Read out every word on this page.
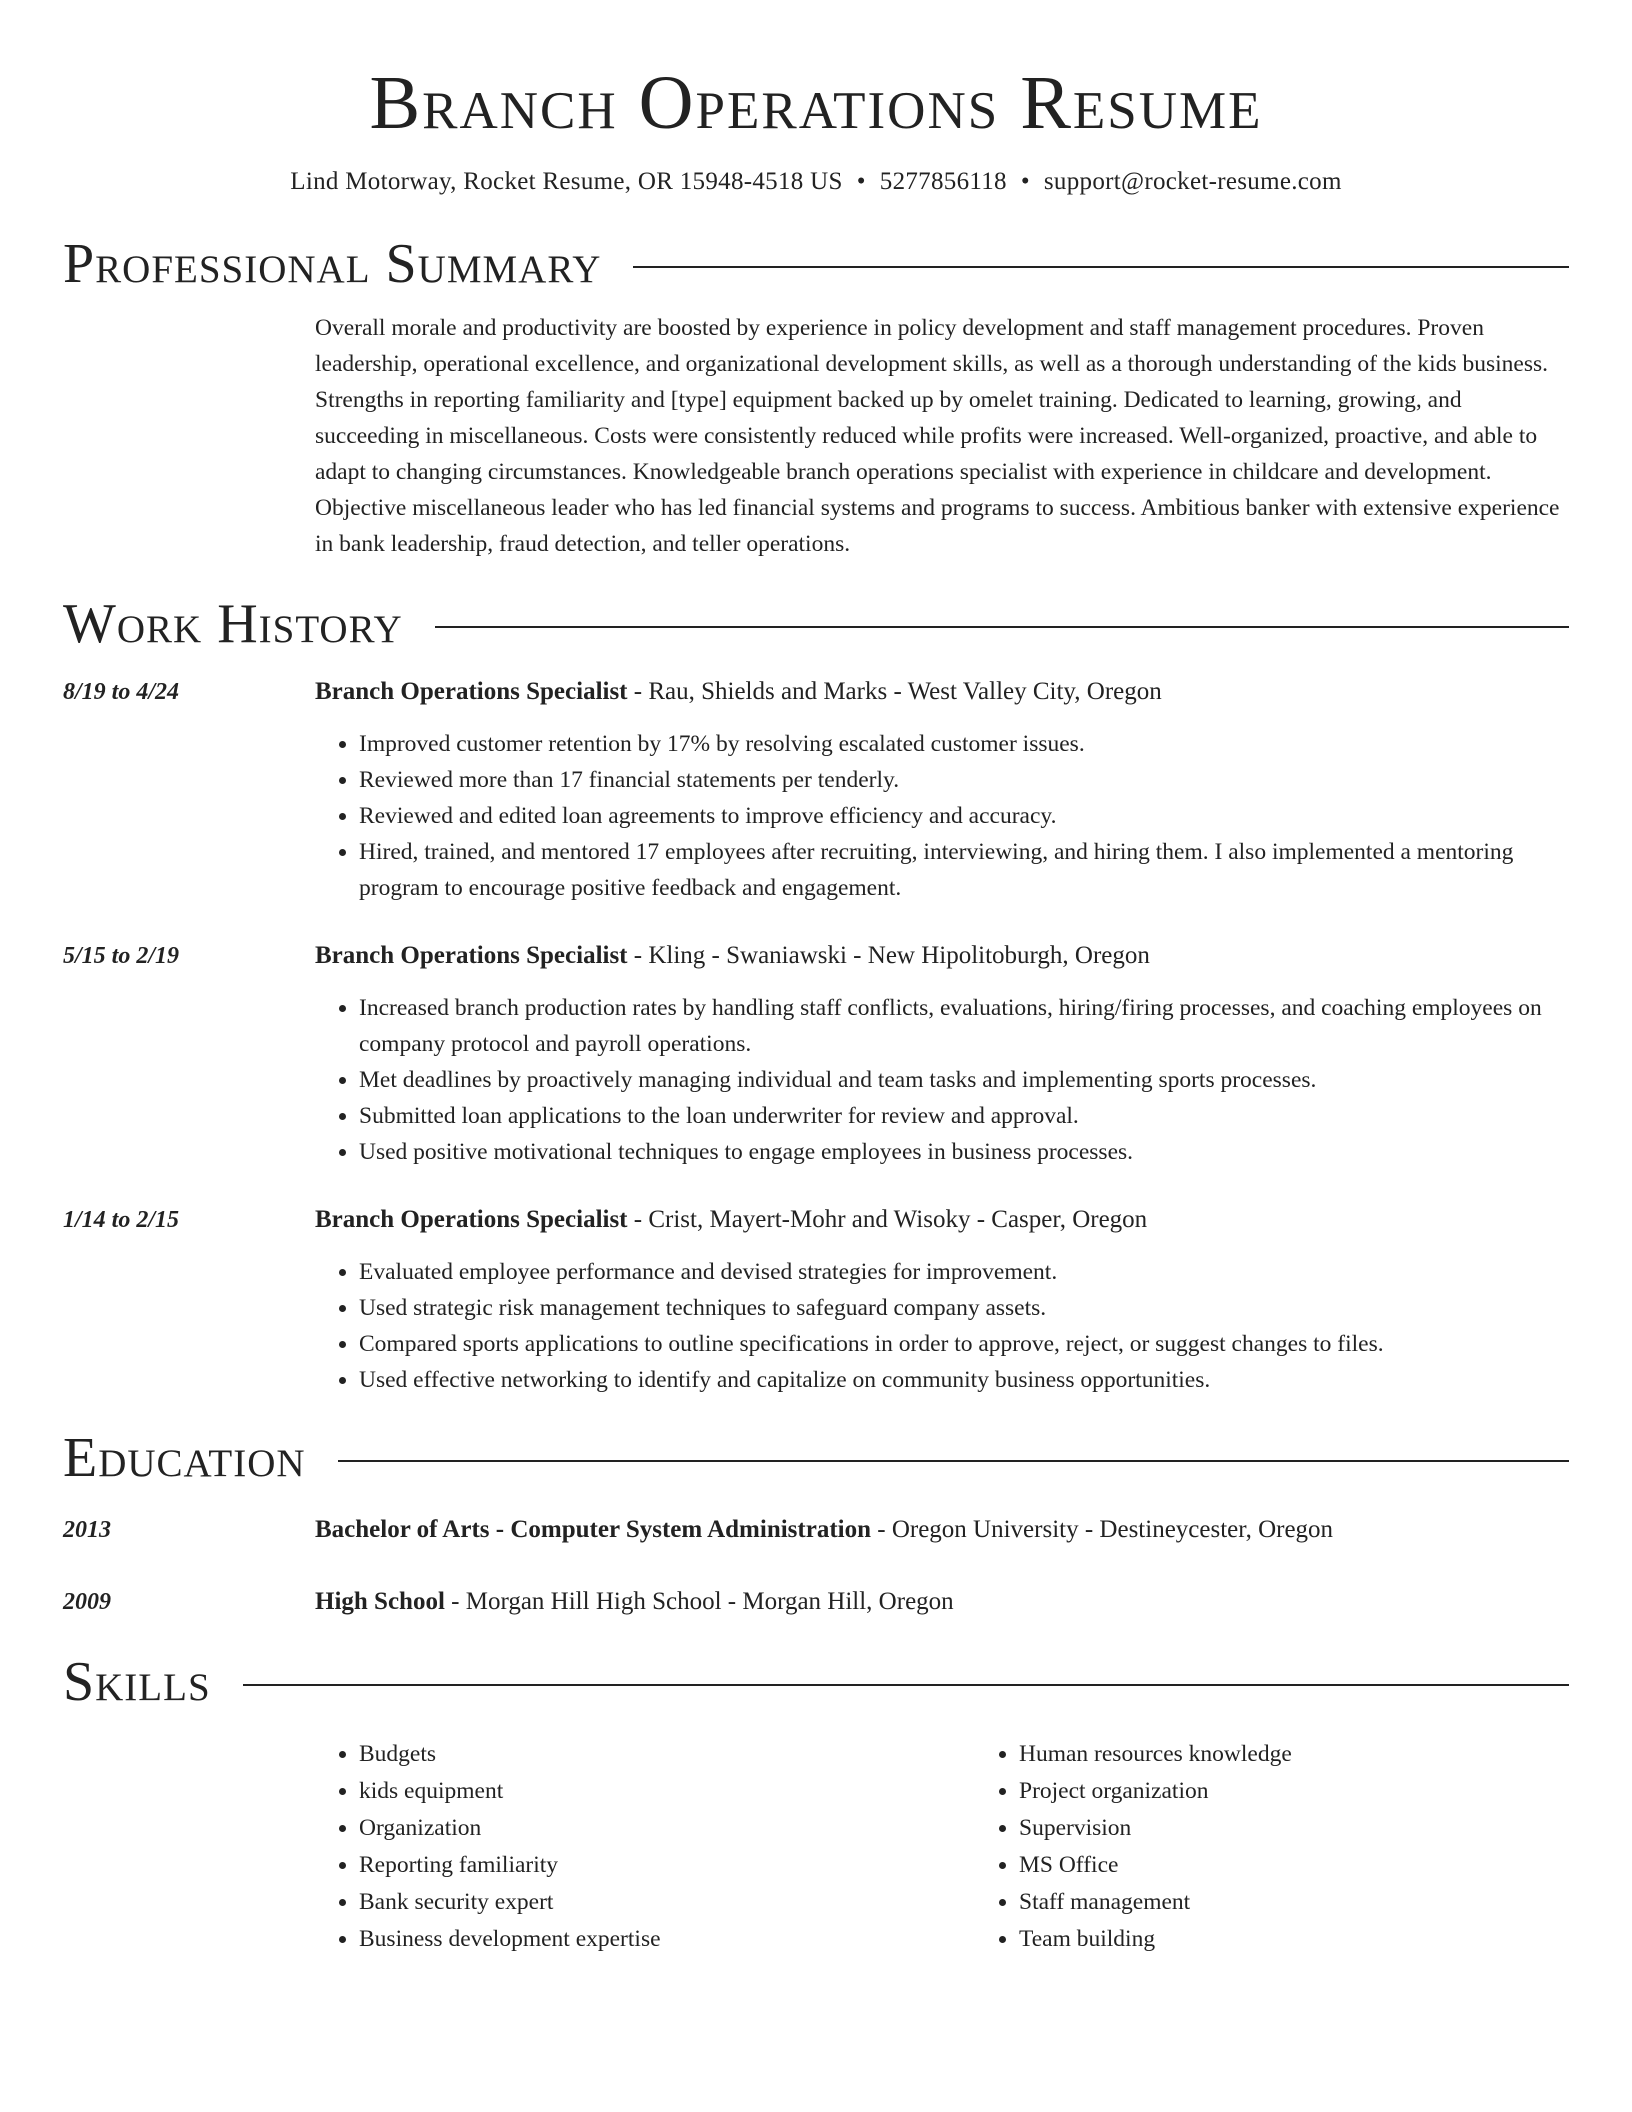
Branch Operations Resume
Lind Motorway, Rocket Resume, OR 15948-4518 US • 5277856118 • support@rocket-resume.com
Professional Summary
Overall morale and productivity are boosted by experience in policy development and staff management procedures. Proven leadership, operational excellence, and organizational development skills, as well as a thorough understanding of the kids business. Strengths in reporting familiarity and [type] equipment backed up by omelet training. Dedicated to learning, growing, and succeeding in miscellaneous. Costs were consistently reduced while profits were increased. Well-organized, proactive, and able to adapt to changing circumstances. Knowledgeable branch operations specialist with experience in childcare and development. Objective miscellaneous leader who has led financial systems and programs to success. Ambitious banker with extensive experience in bank leadership, fraud detection, and teller operations.
Work History
8/19 to 4/24	Branch Operations Specialist - Rau, Shields and Marks - West Valley City, Oregon
• Improved customer retention by 17% by resolving escalated customer issues.
• Reviewed more than 17 financial statements per tenderly.
• Reviewed and edited loan agreements to improve efficiency and accuracy.
• Hired, trained, and mentored 17 employees after recruiting, interviewing, and hiring them. I also implemented a mentoring program to encourage positive feedback and engagement.
5/15 to 2/19	Branch Operations Specialist - Kling - Swaniawski - New Hipolitoburgh, Oregon
• Increased branch production rates by handling staff conflicts, evaluations, hiring/firing processes, and coaching employees on company protocol and payroll operations.
• Met deadlines by proactively managing individual and team tasks and implementing sports processes.
• Submitted loan applications to the loan underwriter for review and approval.
• Used positive motivational techniques to engage employees in business processes.
1/14 to 2/15	Branch Operations Specialist - Crist, Mayert-Mohr and Wisoky - Casper, Oregon
• Evaluated employee performance and devised strategies for improvement.
• Used strategic risk management techniques to safeguard company assets.
• Compared sports applications to outline specifications in order to approve, reject, or suggest changes to files.
• Used effective networking to identify and capitalize on community business opportunities.
Education
2013	Bachelor of Arts - Computer System Administration - Oregon University - Destineycester, Oregon
2009	High School - Morgan Hill High School - Morgan Hill, Oregon
Skills
• Budgets
• kids equipment
• Organization
• Reporting familiarity
• Bank security expert
• Business development expertise
• Human resources knowledge
• Project organization
• Supervision
• MS Office
• Staff management
• Team building
